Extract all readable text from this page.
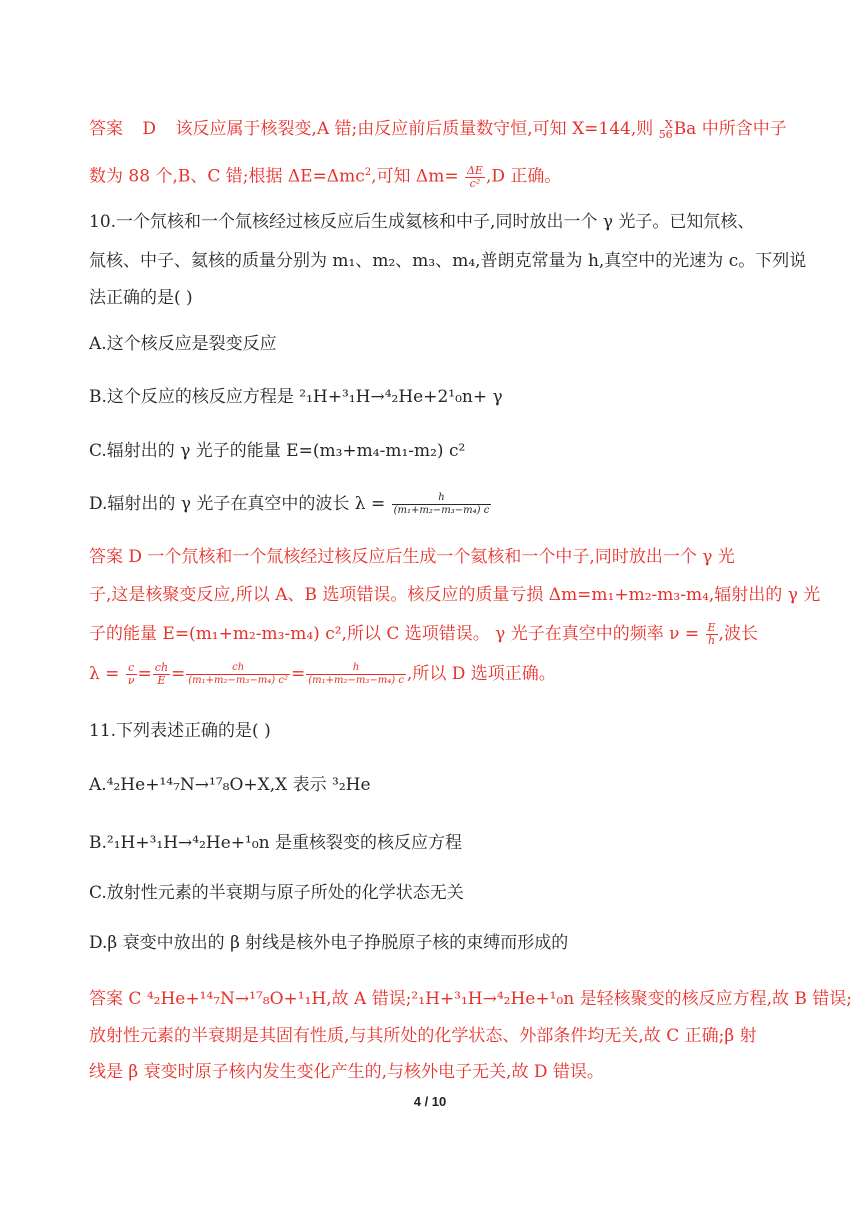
答案 D 该反应属于核裂变,A 错;由反应前后质量数守恒,可知 X=144,则	X
56 Ba 中所含中子
数为 88 个,B、C 错;根据 ΔE=Δmc$^2$,可知 $\Delta m= \frac{\Delta E}{\text{c²}} ,D$ 正确。
10.一个氘核和一个氚核经过核反应后生成氦核和中子,同时放出一个 γ 光子。已知氘核、
氚核、中子、氦核的质量分别为 m₁、m₂、m₃、m₄,普朗克常量为 h,真空中的光速为 c。下列说
法正确的是( )
A.这个核反应是裂变反应
B.这个反应的核反应方程是 ²₁H+³₁H→⁴₂He+2¹₀n+ γ
C.辐射出的 γ 光子的能量 E=(m₃+m₄-m₁-m₂) c²
D.辐射出的 γ 光子在真空中的波长 $\lambda = \frac{h}{\text{(m₁+m₂−m₃−m₄) c}}$
答案 D 一个氘核和一个氚核经过核反应后生成一个氦核和一个中子,同时放出一个 γ 光
子,这是核聚变反应,所以 A、B 选项错误。核反应的质量亏损 Δm=m₁+m₂-m₃-m₄,辐射出的 γ 光
子的能量 E=(m₁+m₂-m₃-m₄) c²,所以 C 选项错误。 γ 光子在真空中的频率 $\nu = \frac{E}{h}$ ,波长
$\lambda = \frac{c}{\nu} = \frac{ch}{E} = \frac{ch}{\text{(m₁+m₂−m₃−m₄) c²}} = \frac{h}{\text{(m₁+m₂−m₃−m₄) c}}$ ,所以 D 选项正确。
11.下列表述正确的是( )
A.⁴₂He+¹⁴₇N→¹⁷₈O+X,X 表示 ³₂He
B.²₁H+³₁H→⁴₂He+¹₀n 是重核裂变的核反应方程
C.放射性元素的半衰期与原子所处的化学状态无关
D.β 衰变中放出的 β 射线是核外电子挣脱原子核的束缚而形成的
答案 C ⁴₂He+¹⁴₇N→¹⁷₈O+¹₁H,故 A 错误;²₁H+³₁H→⁴₂He+¹₀n 是轻核聚变的核反应方程,故 B 错误;
放射性元素的半衰期是其固有性质,与其所处的化学状态、外部条件均无关,故 C 正确;β 射
线是 β 衰变时原子核内发生变化产生的,与核外电子无关,故 D 错误。
4 / 10
